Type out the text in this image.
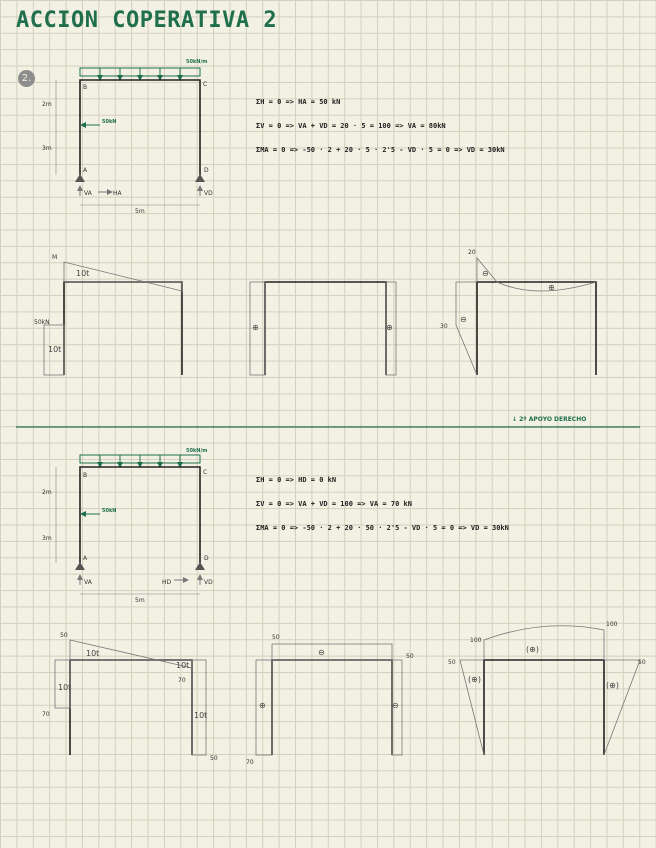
ACCION COPERATIVA 2
2.
50kN/m
50kN
B	C
A	D
2m
3m
5m
VA	HA	VD
ΣH = 0 => HA = 50 kN
ΣV = 0 => VA + VD = 20 · 5 = 100 => VA = 80kN
ΣMA = 0 => -50 · 2 + 20 · 5 · 2'5 - VD · 5 = 0 => VD = 30kN
M
10t
50kN
10t
⊕	⊕
20
⊖
⊕
⊖
30
↓ 2º APOYO DERECHO
50kN/m
50kN
B	C
A	D
2m
3m
5m
VA	HD	VD
ΣH = 0 => HD = 0 kN
ΣV = 0 => VA + VD = 100 => VA = 70 kN
ΣMA = 0 => -50 · 2 + 20 · 50 · 2'5 - VD · 5 = 0 => VD = 30kN
50
10t
10t
70
10t
70
10t
50
50
⊖	50
⊕	⊖
70
100
100
(⊕)
50	50
(⊕)
(⊕)
